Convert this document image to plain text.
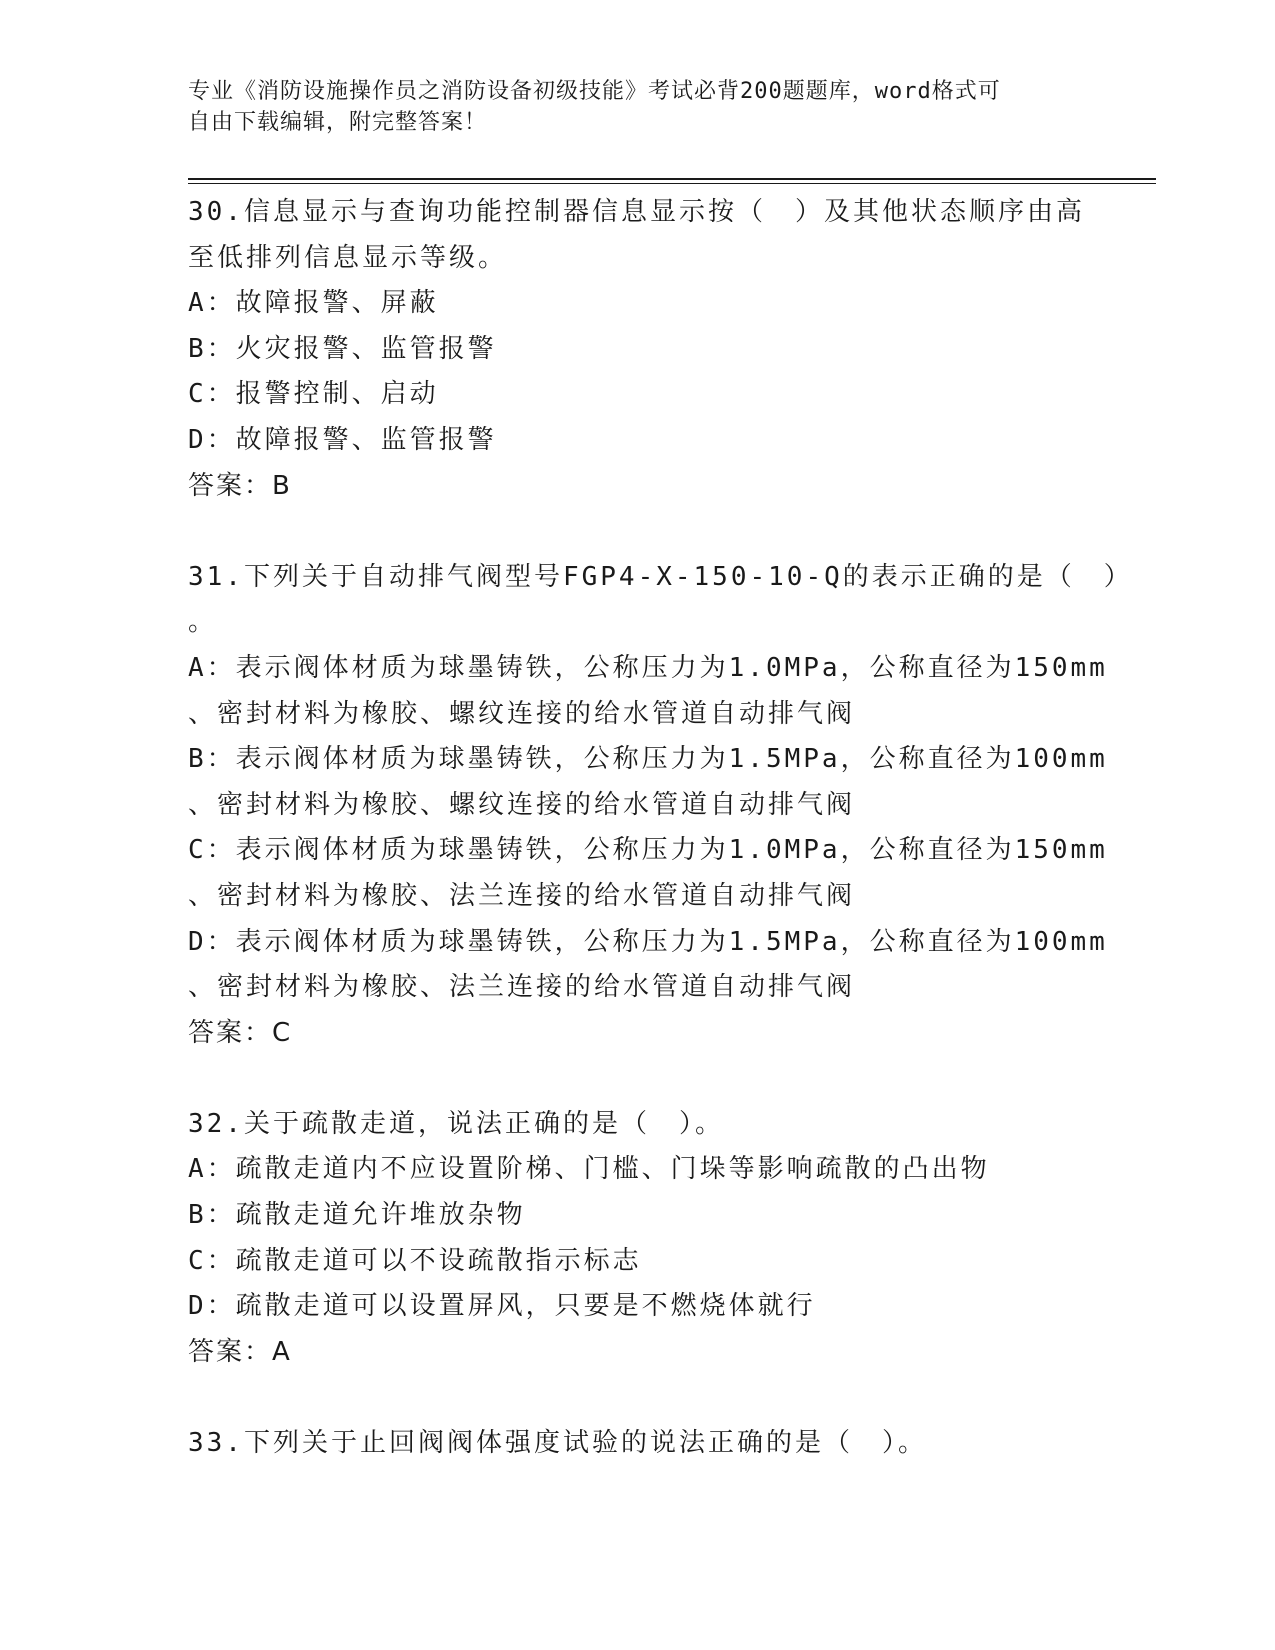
专业《消防设施操作员之消防设备初级技能》考试必背200题题库，word格式可
自由下载编辑，附完整答案！
30.信息显示与查询功能控制器信息显示按（　）及其他状态顺序由高
至低排列信息显示等级。
A：故障报警、屏蔽
B：火灾报警、监管报警
C：报警控制、启动
D：故障报警、监管报警
答案：B
31.下列关于自动排气阀型号FGP4-X-150-10-Q的表示正确的是（　）
。
A：表示阀体材质为球墨铸铁，公称压力为1.0MPa，公称直径为150mm
、密封材料为橡胶、螺纹连接的给水管道自动排气阀
B：表示阀体材质为球墨铸铁，公称压力为1.5MPa，公称直径为100mm
、密封材料为橡胶、螺纹连接的给水管道自动排气阀
C：表示阀体材质为球墨铸铁，公称压力为1.0MPa，公称直径为150mm
、密封材料为橡胶、法兰连接的给水管道自动排气阀
D：表示阀体材质为球墨铸铁，公称压力为1.5MPa，公称直径为100mm
、密封材料为橡胶、法兰连接的给水管道自动排气阀
答案：C
32.关于疏散走道，说法正确的是（　）。
A：疏散走道内不应设置阶梯、门槛、门垛等影响疏散的凸出物
B：疏散走道允许堆放杂物
C：疏散走道可以不设疏散指示标志
D：疏散走道可以设置屏风，只要是不燃烧体就行
答案：A
33.下列关于止回阀阀体强度试验的说法正确的是（　）。
